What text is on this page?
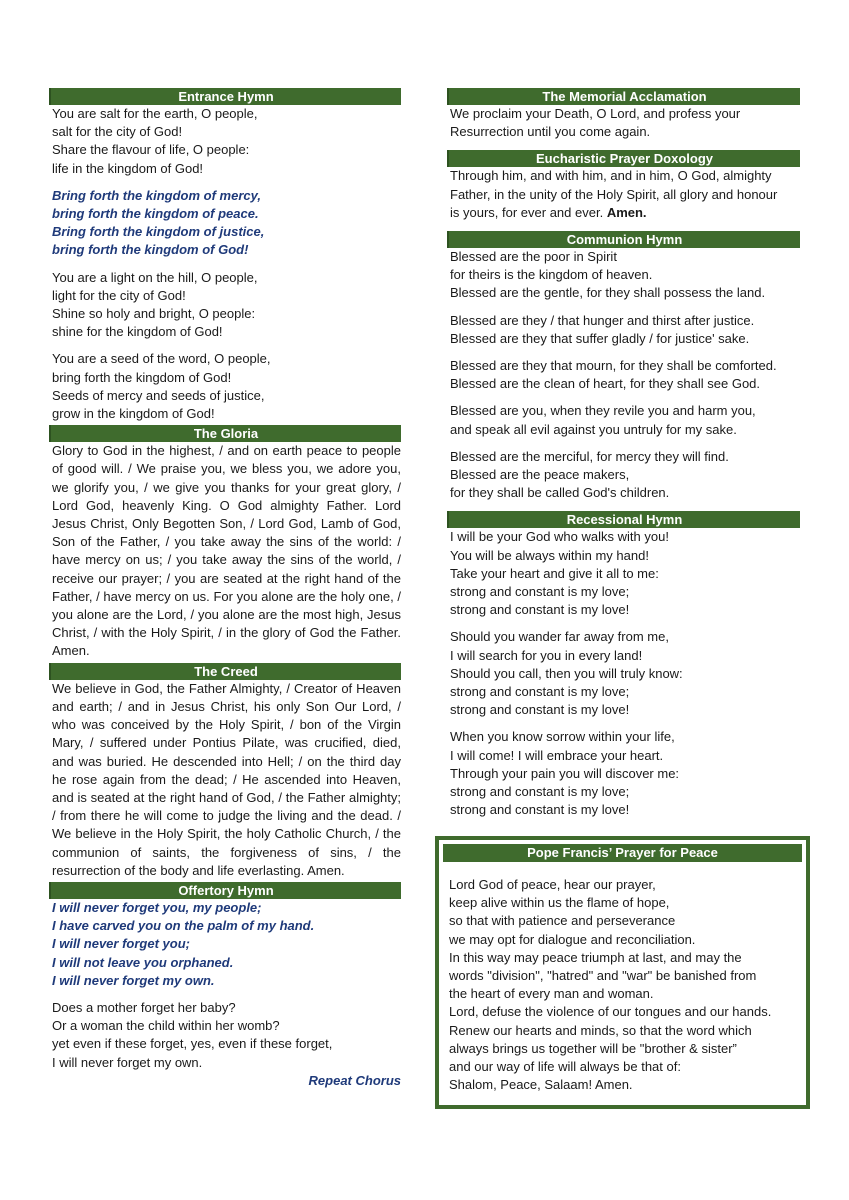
Entrance Hymn

You are salt for the earth, O people,

salt for the city of God!

Share the flavour of life, O people:

life in the kingdom of God!

Bring forth the kingdom of mercy,

bring forth the kingdom of peace.

Bring forth the kingdom of justice,

bring forth the kingdom of God!

You are a light on the hill, O people,

light for the city of God!

Shine so holy and bright, O people:

shine for the kingdom of God!

You are a seed of the word, O people,

bring forth the kingdom of God!

Seeds of mercy and seeds of justice,

grow in the kingdom of God!

The Gloria
Glory to God in the highest, / and on earth peace to people of good will. / We praise you, we bless you, we adore you, we glorify you, / we give you thanks for your great glory, / Lord God, heavenly King. O God almighty Father. Lord Jesus Christ, Only Begotten Son, / Lord God, Lamb of God, Son of the Father, / you take away the sins of the world: / have mercy on us; / you take away the sins of the world, / receive our prayer; / you are seated at the right hand of the Father, / have mercy on us. For you alone are the holy one, / you alone are the Lord, / you alone are the most high, Jesus Christ, / with the Holy Spirit, / in the glory of God the Father. Amen.
The Creed
We believe in God, the Father Almighty, / Creator of Heaven and earth; / and in Jesus Christ, his only Son Our Lord, / who was conceived by the Holy Spirit, / bon of the Virgin Mary, / suffered under Pontius Pilate, was crucified, died, and was buried. He descended into Hell; / on the third day he rose again from the dead; / He ascended into Heaven, and is seated at the right hand of God, / the Father almighty; / from there he will come to judge the living and the dead. / We believe in the Holy Spirit, the holy Catholic Church, / the communion of saints, the forgiveness of sins, / the resurrection of the body and life everlasting. Amen.
Offertory Hymn

I will never forget you, my people;

I have carved you on the palm of my hand.

I will never forget you;

I will not leave you orphaned.

I will never forget my own.

Does a mother forget her baby?

Or a woman the child within her womb?

yet even if these forget, yes, even if these forget,

I will never forget my own.

Repeat Chorus
The Memorial Acclamation

We proclaim your Death, O Lord, and profess your

Resurrection until you come again.

Eucharistic Prayer Doxology

Through him, and with him, and in him, O God, almighty

Father, in the unity of the Holy Spirit, all glory and honour

is yours, for ever and ever. Amen.

Communion Hymn

Blessed are the poor in Spirit

for theirs is the kingdom of heaven.

Blessed are the gentle, for they shall possess the land.

Blessed are they / that hunger and thirst after justice.

Blessed are they that suffer gladly / for justice' sake.

Blessed are they that mourn, for they shall be comforted.

Blessed are the clean of heart, for they shall see God.

Blessed are you, when they revile you and harm you,

and speak all evil against you untruly for my sake.

Blessed are the merciful, for mercy they will find.

Blessed are the peace makers,

for they shall be called God's children.

Recessional Hymn

I will be your God who walks with you!

You will be always within my hand!

Take your heart and give it all to me:

strong and constant is my love;

strong and constant is my love!

Should you wander far away from me,

I will search for you in every land!

Should you call, then you will truly know:

strong and constant is my love;

strong and constant is my love!

When you know sorrow within your life,

I will come! I will embrace your heart.

Through your pain you will discover me:

strong and constant is my love;

strong and constant is my love!

Pope Francis’ Prayer for Peace

Lord God of peace, hear our prayer,

keep alive within us the flame of hope,

so that with patience and perseverance

we may opt for dialogue and reconciliation.

In this way may peace triumph at last, and may the

words "division", "hatred" and "war" be banished from

the heart of every man and woman.

Lord, defuse the violence of our tongues and our hands.

Renew our hearts and minds, so that the word which

always brings us together will be "brother & sister”

and our way of life will always be that of:

Shalom, Peace, Salaam! Amen.
